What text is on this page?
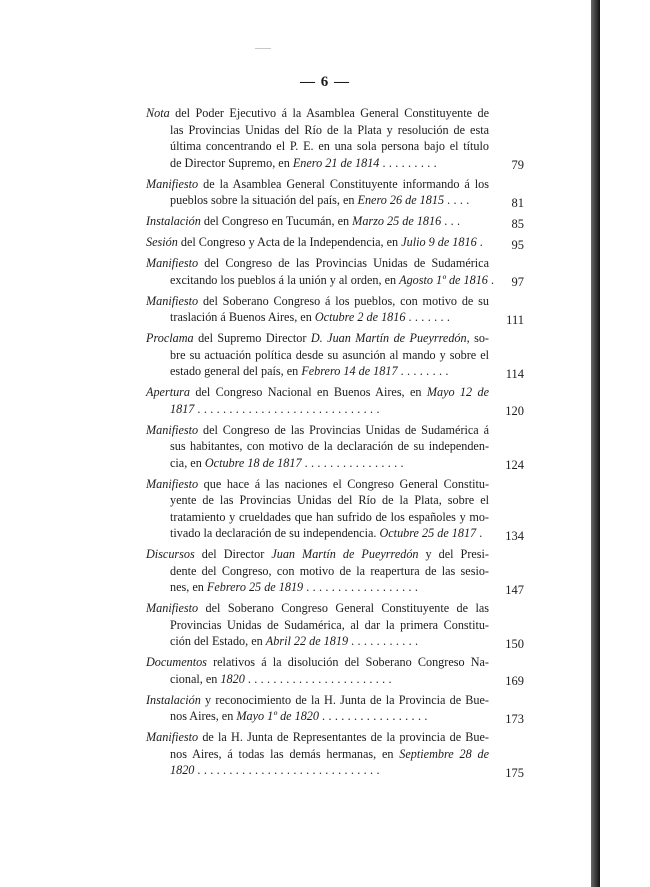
— 6 —
Nota del Poder Ejecutivo á la Asamblea General Constituyente de
las Provincias Unidas del Río de la Plata y resolución de esta
última concentrando el P. E. en una sola persona bajo el título
de Director Supremo, en Enero 21 de 1814 . . . . . . . . .	79
Manifiesto de la Asamblea General Constituyente informando á los
pueblos sobre la situación del país, en Enero 26 de 1815 . . . .	81
Instalación del Congreso en Tucumán, en Marzo 25 de 1816 . . .	85
Sesión del Congreso y Acta de la Independencia, en Julio 9 de 1816 .	95
Manifiesto del Congreso de las Provincias Unidas de Sudamérica
excitando los pueblos á la unión y al orden, en Agosto 1º de 1816 .	97
Manifiesto del Soberano Congreso á los pueblos, con motivo de su
traslación á Buenos Aires, en Octubre 2 de 1816 . . . . . . .	111
Proclama del Supremo Director D. Juan Martín de Pueyrredón, so-
bre su actuación política desde su asunción al mando y sobre el
estado general del país, en Febrero 14 de 1817 . . . . . . . .	114
Apertura del Congreso Nacional en Buenos Aires, en Mayo 12 de
1817 . . . . . . . . . . . . . . . . . . . . . . . . . . . . .	120
Manifiesto del Congreso de las Provincias Unidas de Sudamérica á
sus habitantes, con motivo de la declaración de su independen-
cia, en Octubre 18 de 1817 . . . . . . . . . . . . . . . .	124
Manifiesto que hace á las naciones el Congreso General Constitu-
yente de las Provincias Unidas del Río de la Plata, sobre el
tratamiento y crueldades que han sufrido de los españoles y mo-
tivado la declaración de su independencia. Octubre 25 de 1817 .	134
Discursos del Director Juan Martín de Pueyrredón y del Presi-
dente del Congreso, con motivo de la reapertura de las sesio-
nes, en Febrero 25 de 1819 . . . . . . . . . . . . . . . . . .	147
Manifiesto del Soberano Congreso General Constituyente de las
Provincias Unidas de Sudamérica, al dar la primera Constitu-
ción del Estado, en Abril 22 de 1819 . . . . . . . . . . .	150
Documentos relativos á la disolución del Soberano Congreso Na-
cional, en 1820 . . . . . . . . . . . . . . . . . . . . . . .	169
Instalación y reconocimiento de la H. Junta de la Provincia de Bue-
nos Aires, en Mayo 1º de 1820 . . . . . . . . . . . . . . . . .	173
Manifiesto de la H. Junta de Representantes de la provincia de Bue-
nos Aires, á todas las demás hermanas, en Septiembre 28 de
1820 . . . . . . . . . . . . . . . . . . . . . . . . . . . . .	175
